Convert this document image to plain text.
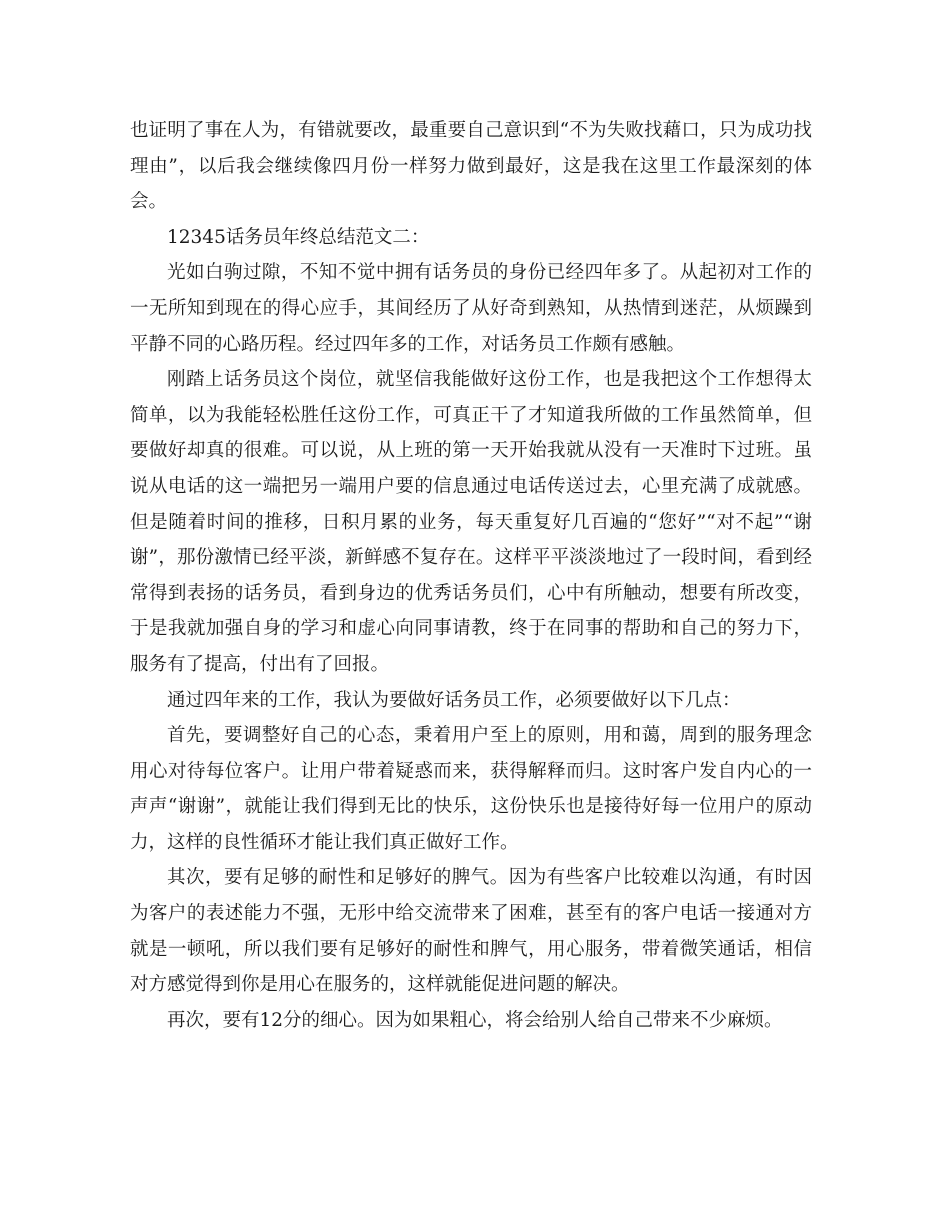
也证明了事在人为，有错就要改，最重要自己意识到“不为失败找藉口，只为成功找理由”，以后我会继续像四月份一样努力做到最好，这是我在这里工作最深刻的体会。

12345话务员年终总结范文二：

光如白驹过隙，不知不觉中拥有话务员的身份已经四年多了。从起初对工作的一无所知到现在的得心应手，其间经历了从好奇到熟知，从热情到迷茫，从烦躁到平静不同的心路历程。经过四年多的工作，对话务员工作颇有感触。

刚踏上话务员这个岗位，就坚信我能做好这份工作，也是我把这个工作想得太简单，以为我能轻松胜任这份工作，可真正干了才知道我所做的工作虽然简单，但要做好却真的很难。可以说，从上班的第一天开始我就从没有一天准时下过班。虽说从电话的这一端把另一端用户要的信息通过电话传送过去，心里充满了成就感。但是随着时间的推移，日积月累的业务，每天重复好几百遍的“您好”“对不起”“谢谢”，那份激情已经平淡，新鲜感不复存在。这样平平淡淡地过了一段时间，看到经常得到表扬的话务员，看到身边的优秀话务员们，心中有所触动，想要有所改变，于是我就加强自身的学习和虚心向同事请教，终于在同事的帮助和自己的努力下，服务有了提高，付出有了回报。

通过四年来的工作，我认为要做好话务员工作，必须要做好以下几点：

首先，要调整好自己的心态，秉着用户至上的原则，用和蔼，周到的服务理念用心对待每位客户。让用户带着疑惑而来，获得解释而归。这时客户发自内心的一声声“谢谢”，就能让我们得到无比的快乐，这份快乐也是接待好每一位用户的原动力，这样的良性循环才能让我们真正做好工作。

其次，要有足够的耐性和足够好的脾气。因为有些客户比较难以沟通，有时因为客户的表述能力不强，无形中给交流带来了困难，甚至有的客户电话一接通对方就是一顿吼，所以我们要有足够好的耐性和脾气，用心服务，带着微笑通话，相信对方感觉得到你是用心在服务的，这样就能促进问题的解决。

再次，要有12分的细心。因为如果粗心，将会给别人给自己带来不少麻烦。
